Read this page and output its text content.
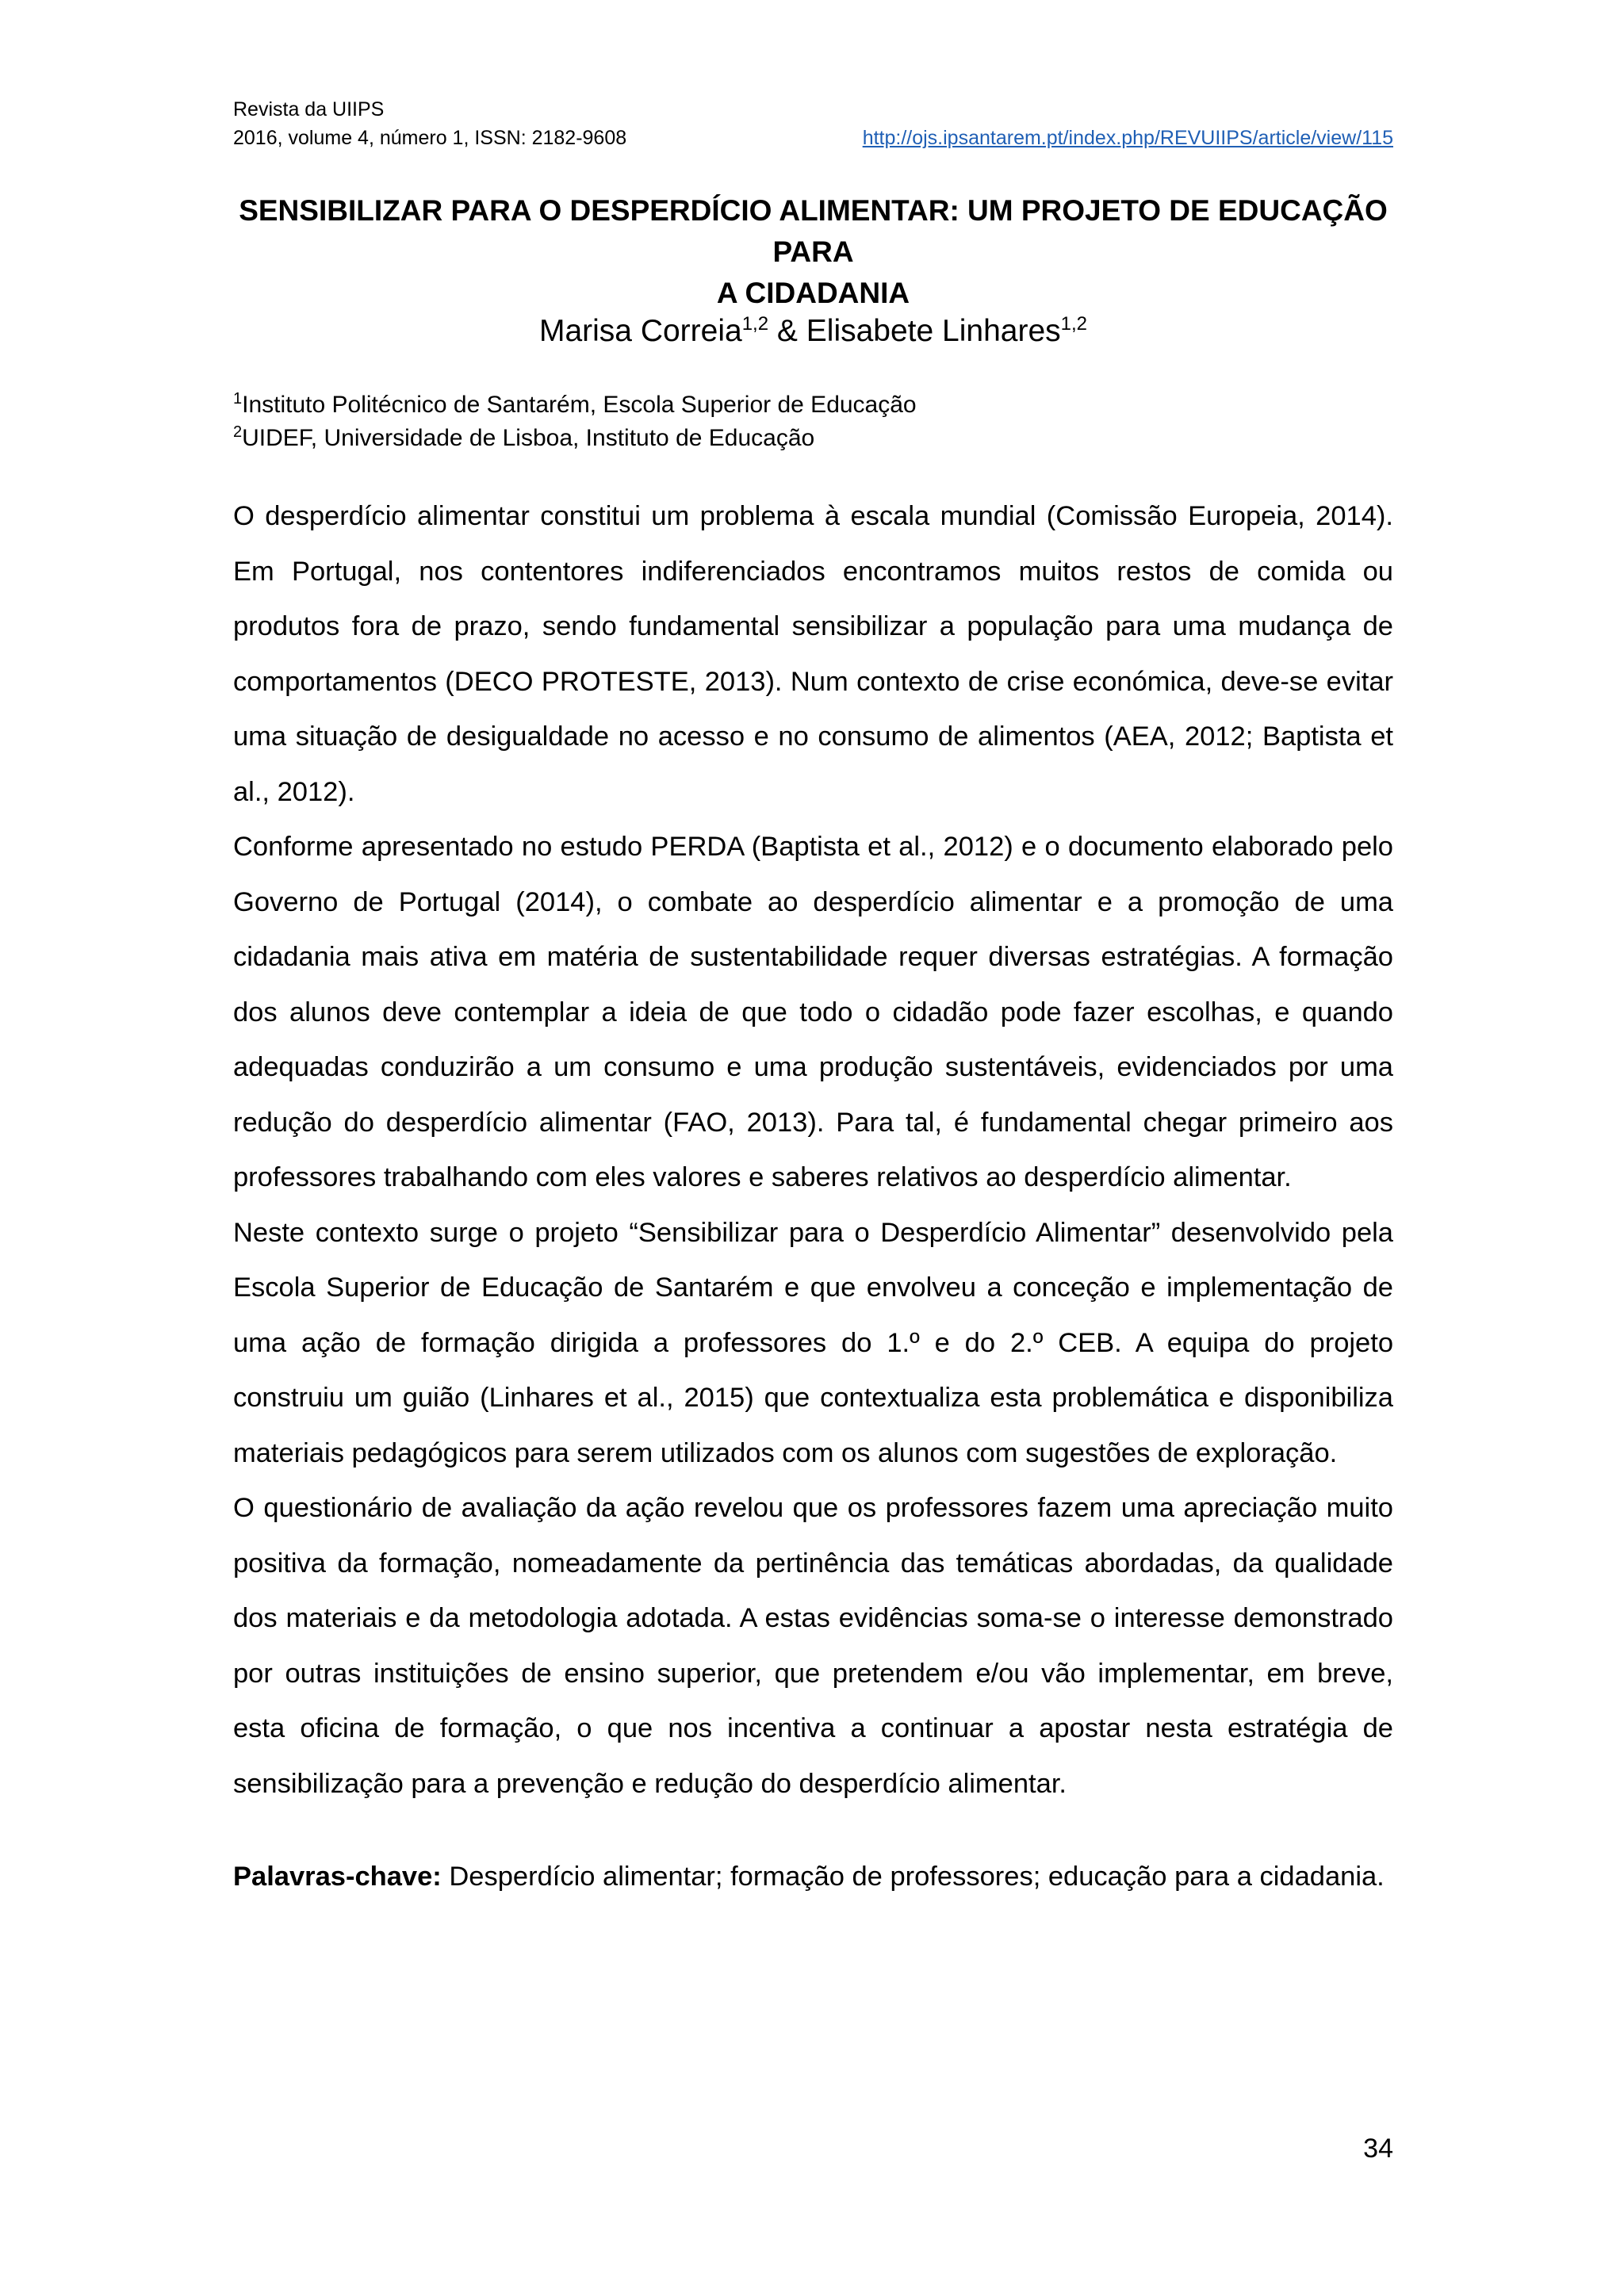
Revista da UIIPS
2016, volume 4, número 1, ISSN: 2182-9608	http://ojs.ipsantarem.pt/index.php/REVUIIPS/article/view/115
SENSIBILIZAR PARA O DESPERDÍCIO ALIMENTAR: UM PROJETO DE EDUCAÇÃO PARA
A CIDADANIA
Marisa Correia$^{1,2}$ & Elisabete Linhares$^{1,2}$
$^1$Instituto Politécnico de Santarém, Escola Superior de Educação
$^2$UIDEF, Universidade de Lisboa, Instituto de Educação

O desperdício alimentar constitui um problema à escala mundial (Comissão Europeia, 2014). Em Portugal, nos contentores indiferenciados encontramos muitos restos de comida ou produtos fora de prazo, sendo fundamental sensibilizar a população para uma mudança de comportamentos (DECO PROTESTE, 2013). Num contexto de crise económica, deve-se evitar uma situação de desigualdade no acesso e no consumo de alimentos (AEA, 2012; Baptista et al., 2012).

Conforme apresentado no estudo PERDA (Baptista et al., 2012) e o documento elaborado pelo Governo de Portugal (2014), o combate ao desperdício alimentar e a promoção de uma cidadania mais ativa em matéria de sustentabilidade requer diversas estratégias. A formação dos alunos deve contemplar a ideia de que todo o cidadão pode fazer escolhas, e quando adequadas conduzirão a um consumo e uma produção sustentáveis, evidenciados por uma redução do desperdício alimentar (FAO, 2013). Para tal, é fundamental chegar primeiro aos professores trabalhando com eles valores e saberes relativos ao desperdício alimentar.

Neste contexto surge o projeto “Sensibilizar para o Desperdício Alimentar” desenvolvido pela Escola Superior de Educação de Santarém e que envolveu a conceção e implementação de uma ação de formação dirigida a professores do 1.º e do 2.º CEB. A equipa do projeto construiu um guião (Linhares et al., 2015) que contextualiza esta problemática e disponibiliza materiais pedagógicos para serem utilizados com os alunos com sugestões de exploração.

O questionário de avaliação da ação revelou que os professores fazem uma apreciação muito positiva da formação, nomeadamente da pertinência das temáticas abordadas, da qualidade dos materiais e da metodologia adotada. A estas evidências soma-se o interesse demonstrado por outras instituições de ensino superior, que pretendem e/ou vão implementar, em breve, esta oficina de formação, o que nos incentiva a continuar a apostar nesta estratégia de sensibilização para a prevenção e redução do desperdício alimentar.

Palavras-chave: Desperdício alimentar; formação de professores; educação para a cidadania.
34
